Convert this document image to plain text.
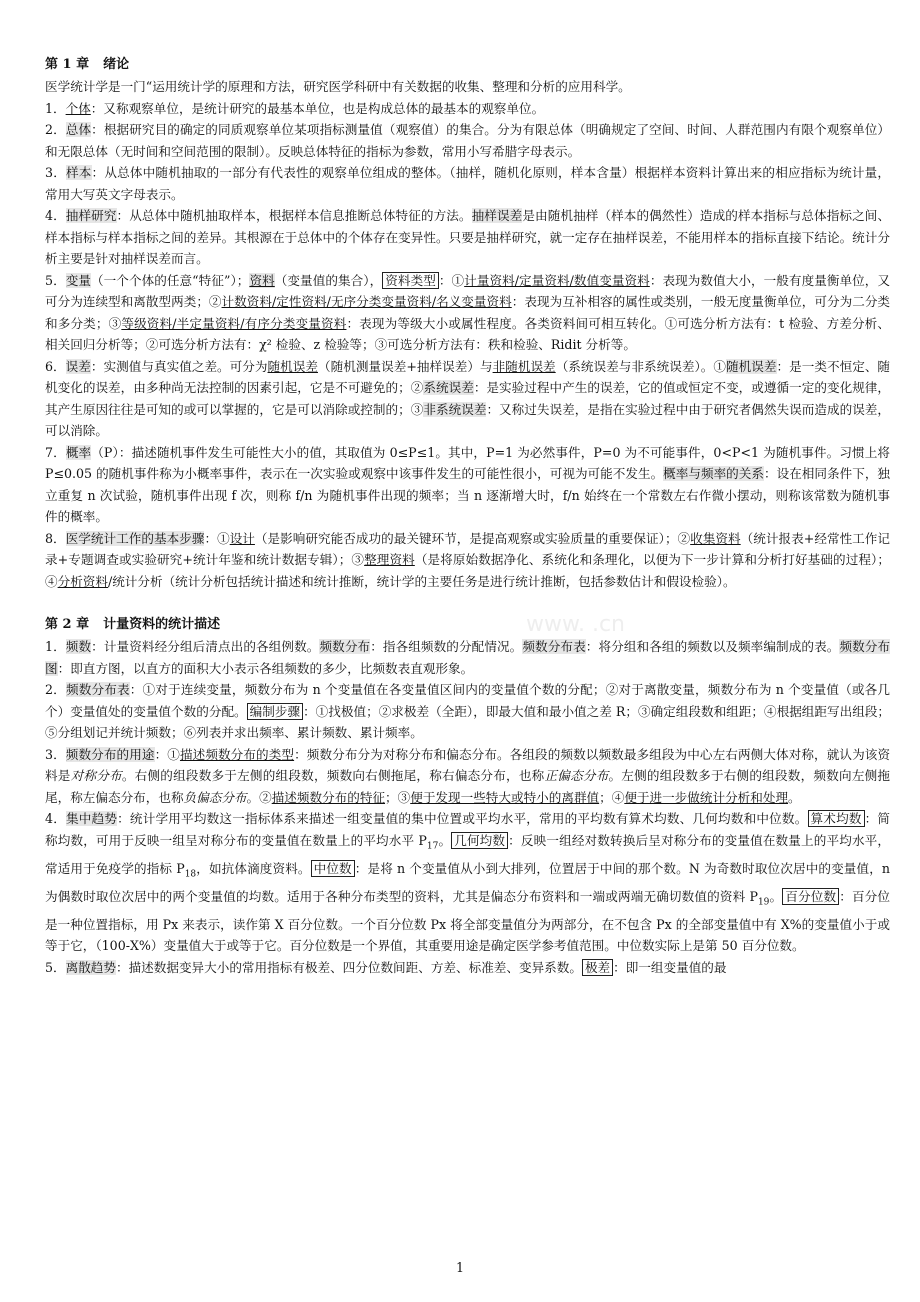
第 1 章 绪论

医学统计学是一门“运用统计学的原理和方法，研究医学科研中有关数据的收集、整理和分析的应用科学。

1．个体：又称观察单位，是统计研究的最基本单位，也是构成总体的最基本的观察单位。

2．总体：根据研究目的确定的同质观察单位某项指标测量值（观察值）的集合。分为有限总体（明确规定了空间、时间、人群范围内有限个观察单位）和无限总体（无时间和空间范围的限制）。反映总体特征的指标为参数，常用小写希腊字母表示。

3．样本：从总体中随机抽取的一部分有代表性的观察单位组成的整体。（抽样，随机化原则，样本含量）根据样本资料计算出来的相应指标为统计量，常用大写英文字母表示。

4．抽样研究：从总体中随机抽取样本，根据样本信息推断总体特征的方法。抽样误差是由随机抽样（样本的偶然性）造成的样本指标与总体指标之间、样本指标与样本指标之间的差异。其根源在于总体中的个体存在变异性。只要是抽样研究，就一定存在抽样误差，不能用样本的指标直接下结论。统计分析主要是针对抽样误差而言。

5．变量（一个个体的任意“特征”）；资料（变量值的集合）， 资料类型 ：①计量资料/定量资料/数值变量资料：表现为数值大小，一般有度量衡单位，又可分为连续型和离散型两类；②计数资料/定性资料/无序分类变量资料/名义变量资料：表现为互补相容的属性或类别，一般无度量衡单位，可分为二分类和多分类；③等级资料/半定量资料/有序分类变量资料：表现为等级大小或属性程度。各类资料间可相互转化。①可选分析方法有：t 检验、方差分析、相关回归分析等；②可选分析方法有：χ² 检验、z 检验等；③可选分析方法有：秩和检验、Ridit 分析等。

6．误差：实测值与真实值之差。可分为随机误差（随机测量误差+抽样误差）与非随机误差（系统误差与非系统误差）。①随机误差：是一类不恒定、随机变化的误差，由多种尚无法控制的因素引起，它是不可避免的；②系统误差：是实验过程中产生的误差，它的值或恒定不变，或遵循一定的变化规律，其产生原因往往是可知的或可以掌握的，它是可以消除或控制的；③非系统误差：又称过失误差，是指在实验过程中由于研究者偶然失误而造成的误差，可以消除。

7．概率（P）：描述随机事件发生可能性大小的值，其取值为 0≤P≤1。其中，P=1 为必然事件，P=0 为不可能事件，0<P<1 为随机事件。习惯上将 P≤0.05 的随机事件称为小概率事件，表示在一次实验或观察中该事件发生的可能性很小，可视为可能不发生。概率与频率的关系：设在相同条件下，独立重复 n 次试验，随机事件出现 f 次，则称 f/n 为随机事件出现的频率；当 n 逐渐增大时，f/n 始终在一个常数左右作微小摆动，则称该常数为随机事件的概率。

8．医学统计工作的基本步骤：①设计（是影响研究能否成功的最关键环节，是提高观察或实验质量的重要保证）；②收集资料（统计报表+经常性工作记录+专题调查或实验研究+统计年鉴和统计数据专辑）；③整理资料（是将原始数据净化、系统化和条理化，以便为下一步计算和分析打好基础的过程）；④分析资料/统计分析（统计分析包括统计描述和统计推断，统计学的主要任务是进行统计推断，包括参数估计和假设检验）。

第 2 章 计量资料的统计描述

1．频数：计量资料经分组后清点出的各组例数。频数分布：指各组频数的分配情况。频数分布表：将分组和各组的频数以及频率编制成的表。频数分布图：即直方图，以直方的面积大小表示各组频数的多少，比频数表直观形象。

2．频数分布表：①对于连续变量，频数分布为 n 个变量值在各变量值区间内的变量值个数的分配；②对于离散变量，频数分布为 n 个变量值（或各几个）变量值处的变量值个数的分配。 编制步骤 ：①找极值；②求极差（全距），即最大值和最小值之差 R；③确定组段数和组距；④根据组距写出组段；⑤分组划记并统计频数；⑥列表并求出频率、累计频数、累计频率。

3．频数分布的用途：①描述频数分布的类型：频数分布分为对称分布和偏态分布。各组段的频数以频数最多组段为中心左右两侧大体对称，就认为该资料是对称分布。右侧的组段数多于左侧的组段数，频数向右侧拖尾，称右偏态分布，也称正偏态分布。左侧的组段数多于右侧的组段数，频数向左侧拖尾，称左偏态分布，也称负偏态分布。②描述频数分布的特征；③便于发现一些特大或特小的离群值；④便于进一步做统计分析和处理。

4．集中趋势：统计学用平均数这一指标体系来描述一组变量值的集中位置或平均水平，常用的平均数有算术均数、几何均数和中位数。 算术均数 ：简称均数，可用于反映一组呈对称分布的变量值在数量上的平均水平 $P_{17}$。 几何均数 ：反映一组经对数转换后呈对称分布的变量值在数量上的平均水平，常适用于免疫学的指标 $P_{18}$，如抗体滴度资料。 中位数 ：是将 n 个变量值从小到大排列，位置居于中间的那个数。N 为奇数时取位次居中的变量值，n 为偶数时取位次居中的两个变量值的均数。适用于各种分布类型的资料，尤其是偏态分布资料和一端或两端无确切数值的资料 $P_{19}$。 百分位数 ：百分位是一种位置指标，用 Px 来表示，读作第 X 百分位数。一个百分位数 Px 将全部变量值分为两部分，在不包含 Px 的全部变量值中有 X%的变量值小于或等于它，（100-X%）变量值大于或等于它。百分位数是一个界值，其重要用途是确定医学参考值范围。中位数实际上是第 50 百分位数。

5．离散趋势：描述数据变异大小的常用指标有极差、四分位数间距、方差、标准差、变异系数。 极差 ：即一组变量值的最

www. .cn
1
